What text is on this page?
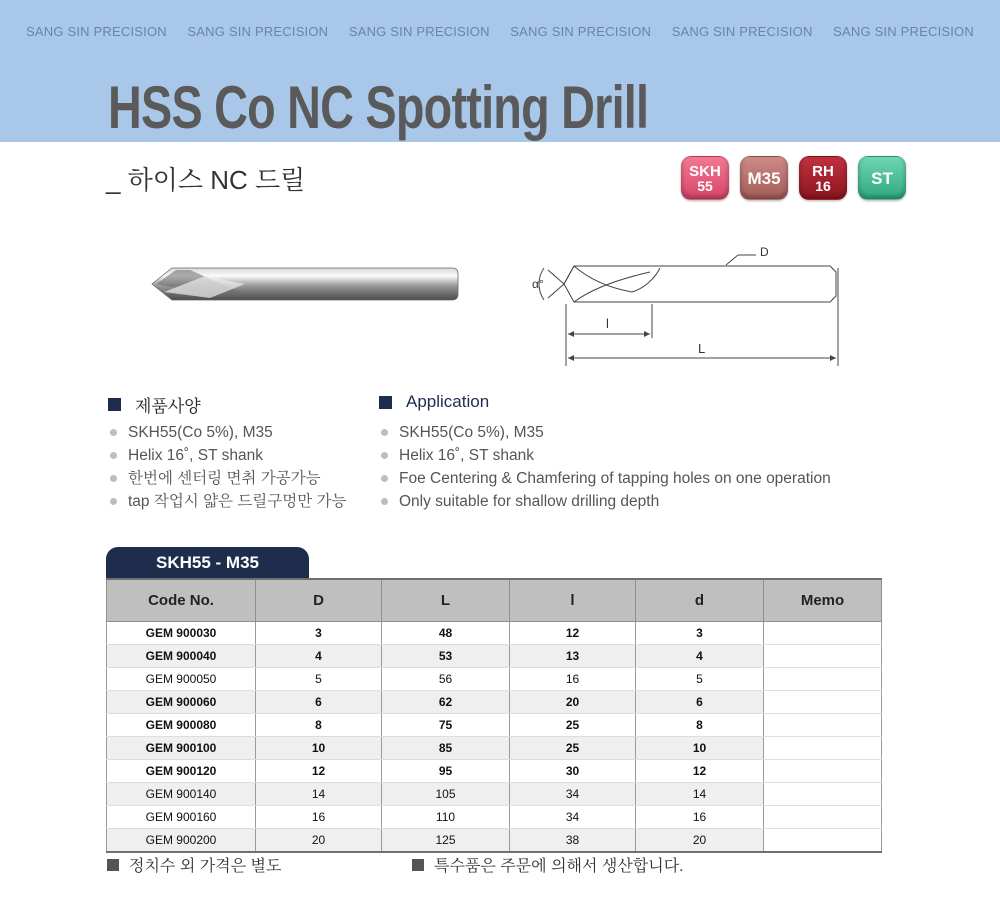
SANG SIN PRECISION SANG SIN PRECISION SANG SIN PRECISION SANG SIN PRECISION SANG SIN PRECISION SANG SIN PRECISION
HSS Co NC Spotting Drill
_ 하이스 NC 드릴	SKH
55 M35 RH
16 ST
D
α°
l
L
제품사양	Application
SKH55(Co 5%), M35
Helix 16˚, ST shank
한번에 센터링 면취 가공가능
tap 작업시 얇은 드릴구멍만 가능
SKH55(Co 5%), M35
Helix 16˚, ST shank
Foe Centering & Chamfering of tapping holes on one operation
Only suitable for shallow drilling depth
SKH55 - M35
Code No.	D	L	l	d	Memo
GEM 900030	3	48	12	3	
GEM 900040	4	53	13	4	
GEM 900050	5	56	16	5	
GEM 900060	6	62	20	6	
GEM 900080	8	75	25	8	
GEM 900100	10	85	25	10	
GEM 900120	12	95	30	12	
GEM 900140	14	105	34	14	
GEM 900160	16	110	34	16	
GEM 900200	20	125	38	20	
정치수 외 가격은 별도	특수품은 주문에 의해서 생산합니다.
